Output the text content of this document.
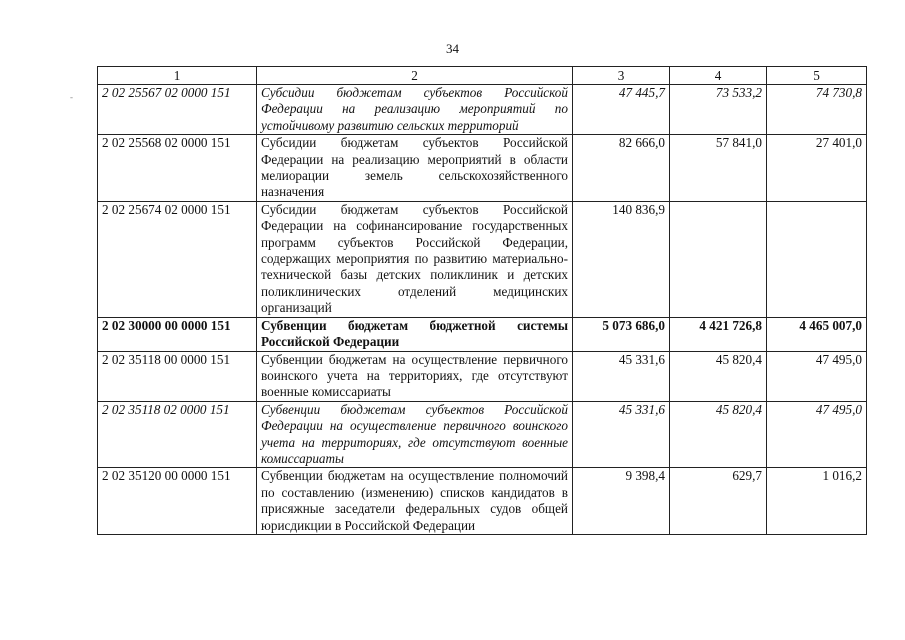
34
-
1	2	3	4	5
2 02 25567 02 0000 151	Субсидии бюджетам субъектов Российской Федерации на реализацию мероприятий по устойчивому развитию сельских территорий	47 445,7	73 533,2	74 730,8
2 02 25568 02 0000 151	Субсидии бюджетам субъектов Российской Федерации на реализацию мероприятий в области мелиорации земель сельскохозяйственного назначения	82 666,0	57 841,0	27 401,0
2 02 25674 02 0000 151	Субсидии бюджетам субъектов Российской Федерации на софинансирование государственных программ субъектов Российской Федерации, содержащих мероприятия по развитию материально-технической базы детских поликлиник и детских поликлинических отделений медицинских организаций	140 836,9		
2 02 30000 00 0000 151	Субвенции бюджетам бюджетной системы Российской Федерации	5 073 686,0	4 421 726,8	4 465 007,0
2 02 35118 00 0000 151	Субвенции бюджетам на осуществление первичного воинского учета на территориях, где отсутствуют военные комиссариаты	45 331,6	45 820,4	47 495,0
2 02 35118 02 0000 151	Субвенции бюджетам субъектов Российской Федерации на осуществление первичного воинского учета на территориях, где отсутствуют военные комиссариаты	45 331,6	45 820,4	47 495,0
2 02 35120 00 0000 151	Субвенции бюджетам на осуществление полномочий по составлению (изменению) списков кандидатов в присяжные заседатели федеральных судов общей юрисдикции в Российской Федерации	9 398,4	629,7	1 016,2
